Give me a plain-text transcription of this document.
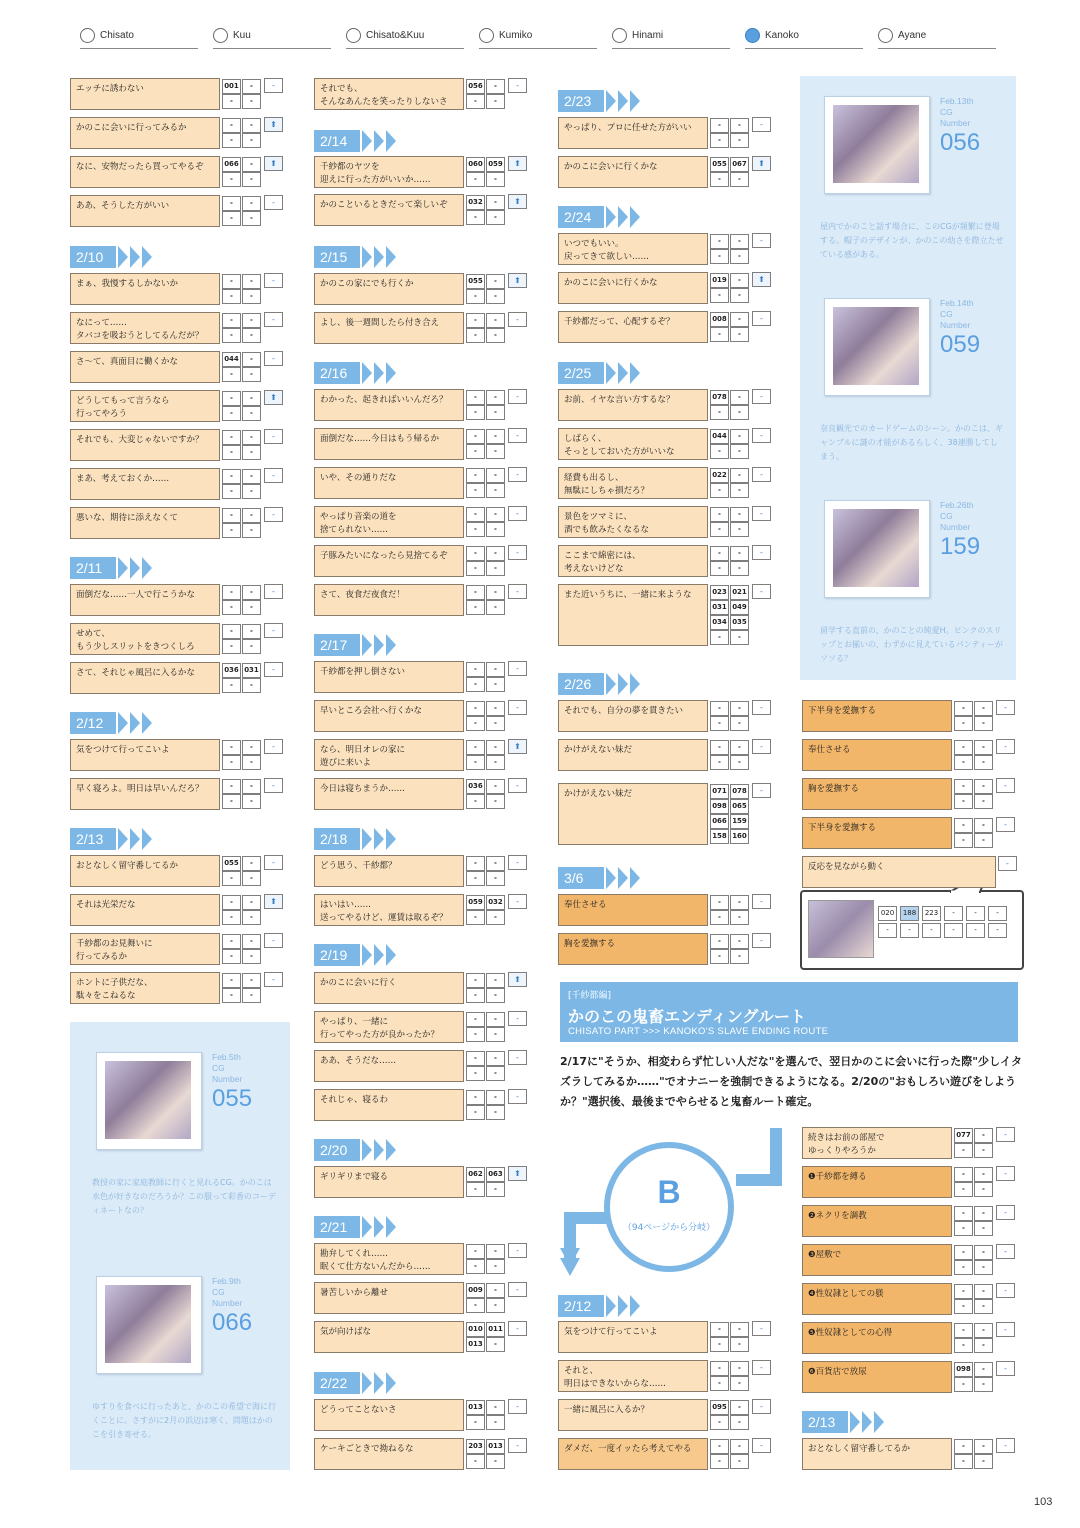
Chisato	Kuu	Chisato&Kuu	Kumiko	Hinami	Kanoko	Ayane
Feb.13th
CG Number
056
屋内でかのこと話す場合に、このCGが頻繁に登場する。帽子のデザインが、かのこの幼さを際立たせている感がある。
Feb.14th
CG Number
059
奈良観光でのカードゲームのシーン。かのこは、ギャンブルに謎の才能があるらしく、38連勝してしまう。
Feb.26th
CG Number
159
留学する直前の、かのことの純愛H。ピンクのスリップとお揃いの、わずかに見えているパンティーがソソる？
Feb.5th
CG Number
055
教授の家に家庭教師に行くと見れるCG。かのこは水色が好きなのだろうか？この服って彩香のコーディネートなの？
Feb.9th
CG Number
066
ゆすりを食べに行ったあと、かのこの希望で海に行くことに。さすがに2月の浜辺は寒く、問題はかのこを引き寄せる。
020	188	223	-	-	-
-	-	-	-	-	-
[千紗都編]
かのこの鬼畜エンディングルート
CHISATO PART >>> KANOKO'S SLAVE ENDING ROUTE
2/17に"そうか、相変わらず忙しい人だな"を選んで、翌日かのこに会いに行った際"少しイタズラしてみるか……"でオナニーを強制できるようになる。2/20の"おもしろい遊びをしようか？"選択後、最後までやらせると鬼畜ルート確定。
B
（94ページから分岐）
103
エッチに誘わない	001	-
-	-
-
かのこに会いに行ってみるか	-	-
-	-
⬆
なに、安物だったら買ってやるぞ	066	-
-	-
⬆
ああ、そうした方がいい	-	-
-	-
-
2/10
まぁ、我慢するしかないか	-	-
-	-
-
なにって……
タバコを吸おうとしてるんだが？
-	-
-	-
-
さ〜て、真面目に働くかな	044	-
-	-
-
どうしてもって言うなら
行ってやろう
-	-
-	-
⬆
それでも、大変じゃないですか？	-	-
-	-
-
まあ、考えておくか……	-	-
-	-
-
悪いな、期待に添えなくて	-	-
-	-
-
2/11
面倒だな……一人で行こうかな	-	-
-	-
-
せめて、
もう少しスリットをきつくしろ
-	-
-	-
-
さて、それじゃ風呂に入るかな	036 031
-	-
-
2/12
気をつけて行ってこいよ	-	-
-	-
-
早く寝ろよ。明日は早いんだろ？	-	-
-	-
-
2/13
おとなしく留守番してるか	055	-
-	-
-
それは光栄だな	-	-
-	-
⬆
千紗都のお見舞いに
行ってみるか
-	-
-	-
-
ホントに子供だな、
駄々をこねるな
-	-
-	-
-
それでも、
そんなあんたを笑ったりしないさ
056	-
-	-
-
2/14
千紗都のヤツを
迎えに行った方がいいか……
060 059
-	-
⬆
かのこといるときだって楽しいぞ	032	-
-	-
⬆
2/15
かのこの家にでも行くか	055	-
-	-
⬆
よし、後一週間したら付き合え	-	-
-	-
-
2/16
わかった、起きればいいんだろ？	-	-
-	-
-
面倒だな……今日はもう帰るか	-	-
-	-
-
いや、その通りだな	-	-
-	-
-
やっぱり音楽の道を
捨てられない……
-	-
-	-
-
子豚みたいになったら見捨てるぞ	-	-
-	-
-
さて、夜食だ夜食だ！	-	-
-	-
-
2/17
千紗都を押し倒さない	-	-
-	-
-
早いところ会社へ行くかな	-	-
-	-
-
なら、明日オレの家に
遊びに来いよ
-	-
-	-
⬆
今日は寝ちまうか……	036	-
-	-
-
2/18
どう思う、千紗都？	-	-
-	-
-
はいはい……
送ってやるけど、運賃は取るぞ？
059 032
-	-
-
2/19
かのこに会いに行く	-	-
-	-
⬆
やっぱり、一緒に
行ってやった方が良かったか？
-	-
-	-
-
ああ、そうだな……	-	-
-	-
-
それじゃ、寝るわ	-	-
-	-
-
2/20
ギリギリまで寝る	062 063
-	-
⬆
2/21
勘弁してくれ……
眠くて仕方ないんだから……
-	-
-	-
-
暑苦しいから離せ	009	-
-	-
-
気が向けばな	010 011
013	-
-
2/22
どうってことないさ	013	-
-	-
-
ケーキごときで拗ねるな	203 013
-	-
-
2/23
やっぱり、プロに任せた方がいい	-	-
-	-
-
かのこに会いに行くかな	055 067
-	-
⬆
2/24
いつでもいい。
戻ってきて欲しい……
-	-
-	-
-
かのこに会いに行くかな	019	-
-	-
⬆
千紗都だって、心配するぞ？	008	-
-	-
-
2/25
お前、イヤな言い方するな？	078	-
-	-
-
しばらく、
そっとしておいた方がいいな
044	-
-	-
-
経費も出るし、
無駄にしちゃ損だろ？
022	-
-	-
-
景色をツマミに、
酒でも飲みたくなるな
-	-
-	-
-
ここまで綿密には、
考えないけどな
-	-
-	-
-
また近いうちに、一緒に来ような	023 021
031 049
034 035
-	-
-
2/26
それでも、自分の夢を貫きたい	-	-
-	-
-
かけがえない妹だ	-	-
-	-
-
かけがえない妹だ	071 078
098 065
066 159
158 160
-
3/6
奉仕させる	-	-
-	-
-
胸を愛撫する	-	-
-	-
-
2/12
気をつけて行ってこいよ	-	-
-	-
-
それと、
明日はできないからな……
-	-
-	-
-
一緒に風呂に入るか？	095	-
-	-
-
ダメだ、一度イッたら考えてやる	-	-
-	-
-
下半身を愛撫する	-	-
-	-
-
奉仕させる	-	-
-	-
-
胸を愛撫する	-	-
-	-
-
下半身を愛撫する	-	-
-	-
-
反応を見ながら動く	-
続きはお前の部屋で
ゆっくりやろうか
077	-
-	-
-
❶千紗都を縛る	-	-
-	-
-
❷ネクリを調教	-	-
-	-
-
❸屋敷で	-	-
-	-
-
❹性奴隷としての躾	-	-
-	-
-
❺性奴隷としての心得	-	-
-	-
-
❻百貨店で放尿	098	-
-	-
-
2/13
おとなしく留守番してるか	-	-
-	-
-
